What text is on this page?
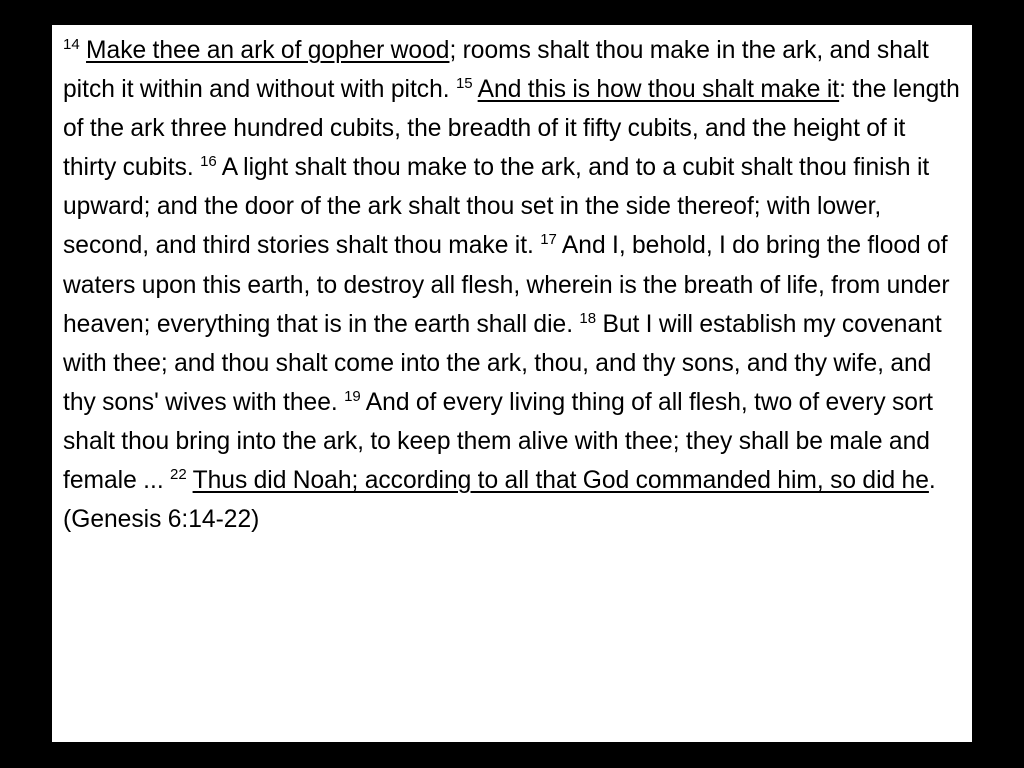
$^{14}$ Make thee an ark of gopher wood; rooms shalt thou make in the ark, and shalt pitch it within and without with pitch. $^{15}$ And this is how thou shalt make it: the length of the ark three hundred cubits, the breadth of it fifty cubits, and the height of it thirty cubits. $^{16}$ A light shalt thou make to the ark, and to a cubit shalt thou finish it upward; and the door of the ark shalt thou set in the side thereof; with lower, second, and third stories shalt thou make it. $^{17}$ And I, behold, I do bring the flood of waters upon this earth, to destroy all flesh, wherein is the breath of life, from under heaven; everything that is in the earth shall die. $^{18}$ But I will establish my covenant with thee; and thou shalt come into the ark, thou, and thy sons, and thy wife, and thy sons' wives with thee. $^{19}$ And of every living thing of all flesh, two of every sort shalt thou bring into the ark, to keep them alive with thee; they shall be male and female ... $^{22}$ Thus did Noah; according to all that God commanded him, so did he.
(Genesis 6:14-22)
